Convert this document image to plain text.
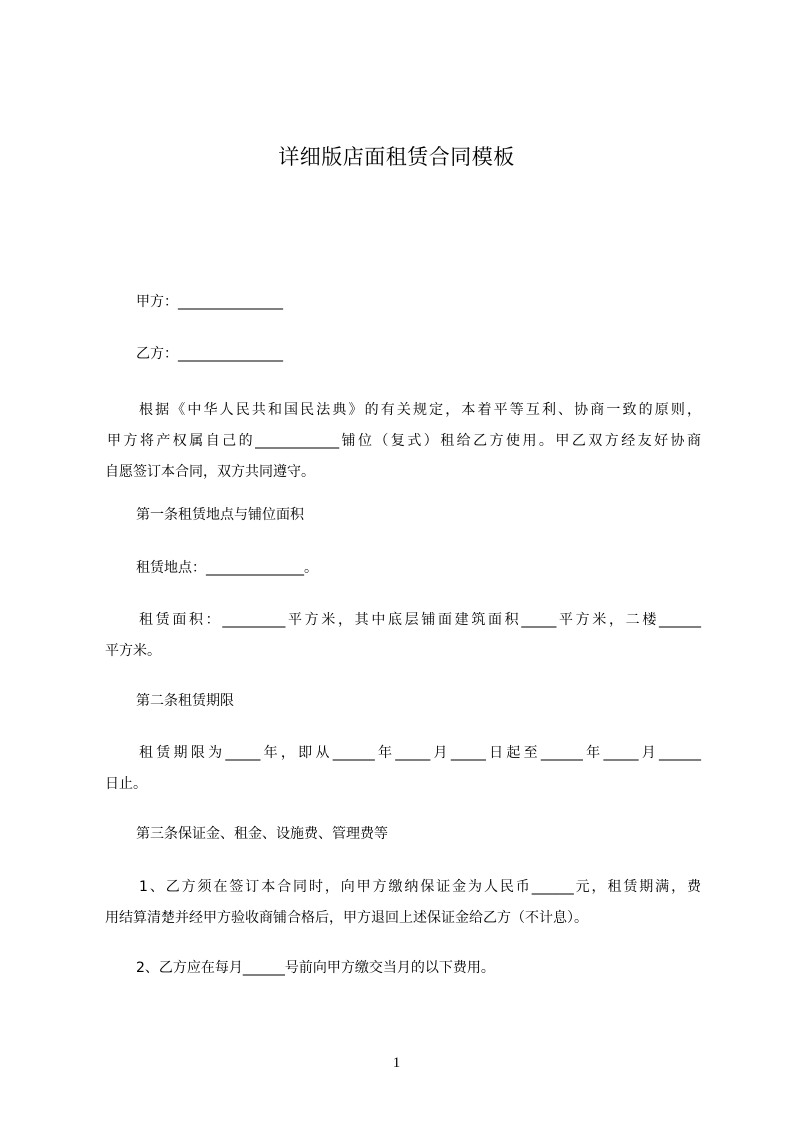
详细版店面租赁合同模板
甲方：_______________
乙方：_______________
根据《中华人民共和国民法典》的有关规定，本着平等互利、协商一致的原则，
甲方将产权属自己的____________铺位（复式）租给乙方使用。甲乙双方经友好协商
自愿签订本合同，双方共同遵守。
第一条租赁地点与铺位面积
租赁地点：______________。
租赁面积：_________平方米，其中底层铺面建筑面积_____平方米，二楼______
平方米。
第二条租赁期限
租赁期限为_____年，即从______年_____月_____日起至______年_____月______
日止。
第三条保证金、租金、设施费、管理费等
1、乙方须在签订本合同时，向甲方缴纳保证金为人民币______元，租赁期满，费
用结算清楚并经甲方验收商铺合格后，甲方退回上述保证金给乙方（不计息）。
2、乙方应在每月______号前向甲方缴交当月的以下费用。
1
